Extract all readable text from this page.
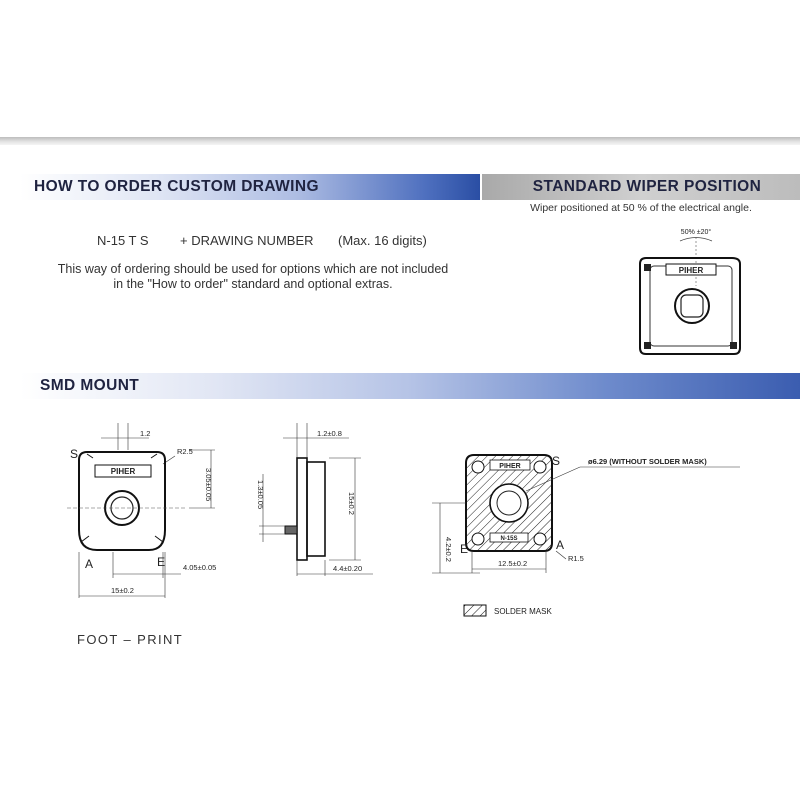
HOW TO ORDER CUSTOM DRAWING
N-15 T S + DRAWING NUMBER (Max. 16 digits)
This way of ordering should be used for options which are not included
in the "How to order" standard and optional extras.
STANDARD WIPER POSITION
Wiper positioned at 50 % of the electrical angle.
50% ±20°
PIHER
SMD MOUNT
1.2
R2.5
S
PIHER	3.05±0.05
A	E 4.05±0.05
15±0.2
1.2±0.8
1.3±0.05	15±0.2
4.4±0.20
PIHER
N-15S
S	ø6.29 (WITHOUT SOLDER MASK)
E	A
R1.5
4.2±0.2
12.5±0.2
SOLDER MASK
FOOT – PRINT
